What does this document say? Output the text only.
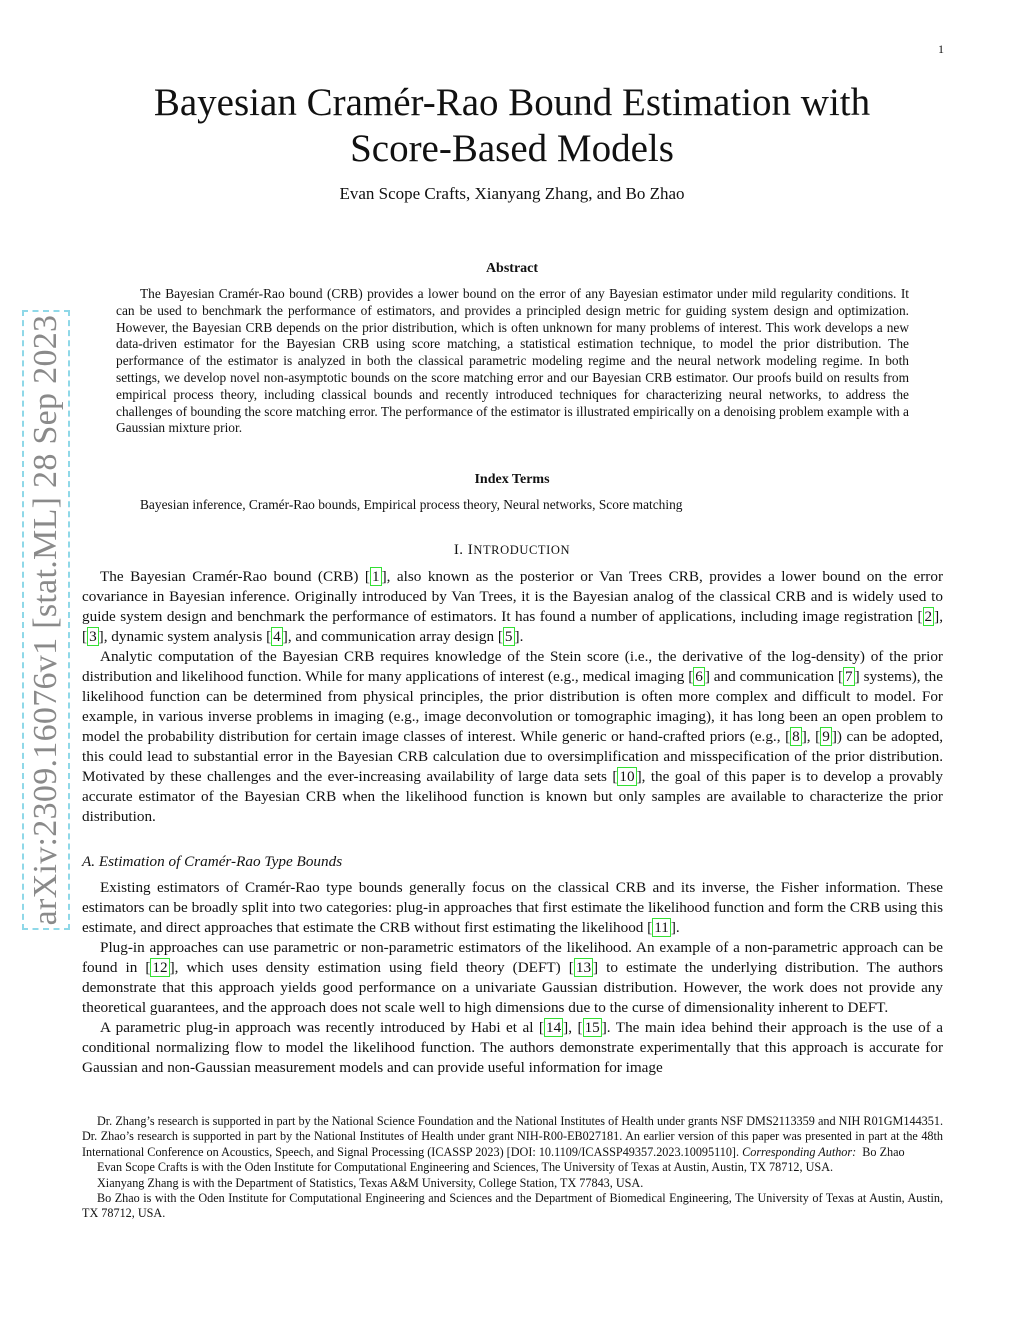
1
arXiv:2309.16076v1 [stat.ML] 28 Sep 2023
Bayesian Cramér-Rao Bound Estimation with
Score-Based Models
Evan Scope Crafts, Xianyang Zhang, and Bo Zhao
Abstract
The Bayesian Cramér-Rao bound (CRB) provides a lower bound on the error of any Bayesian estimator under mild regularity conditions. It can be used to benchmark the performance of estimators, and provides a principled design metric for guiding system design and optimization. However, the Bayesian CRB depends on the prior distribution, which is often unknown for many problems of interest. This work develops a new data-driven estimator for the Bayesian CRB using score matching, a statistical estimation technique, to model the prior distribution. The performance of the estimator is analyzed in both the classical parametric modeling regime and the neural network modeling regime. In both settings, we develop novel non-asymptotic bounds on the score matching error and our Bayesian CRB estimator. Our proofs build on results from empirical process theory, including classical bounds and recently introduced techniques for characterizing neural networks, to address the challenges of bounding the score matching error. The performance of the estimator is illustrated empirically on a denoising problem example with a Gaussian mixture prior.
Index Terms
Bayesian inference, Cramér-Rao bounds, Empirical process theory, Neural networks, Score matching
I. INTRODUCTION

The Bayesian Cramér-Rao bound (CRB) [ 1 ], also known as the posterior or Van Trees CRB, provides a lower bound on the error covariance in Bayesian inference. Originally introduced by Van Trees, it is the Bayesian analog of the classical CRB and is widely used to guide system design and benchmark the performance of estimators. It has found a number of applications, including image registration [ 2 ], [ 3 ], dynamic system analysis [ 4 ], and communication array design [ 5 ].

Analytic computation of the Bayesian CRB requires knowledge of the Stein score (i.e., the derivative of the log-density) of the prior distribution and likelihood function. While for many applications of interest (e.g., medical imaging [ 6 ] and communication [ 7 ] systems), the likelihood function can be determined from physical principles, the prior distribution is often more complex and difficult to model. For example, in various inverse problems in imaging (e.g., image deconvolution or tomographic imaging), it has long been an open problem to model the probability distribution for certain image classes of interest. While generic or hand-crafted priors (e.g., [ 8 ], [ 9 ]) can be adopted, this could lead to substantial error in the Bayesian CRB calculation due to oversimplification and misspecification of the prior distribution. Motivated by these challenges and the ever-increasing availability of large data sets [ 10 ], the goal of this paper is to develop a provably accurate estimator of the Bayesian CRB when the likelihood function is known but only samples are available to characterize the prior distribution.

A. Estimation of Cramér-Rao Type Bounds

Existing estimators of Cramér-Rao type bounds generally focus on the classical CRB and its inverse, the Fisher information. These estimators can be broadly split into two categories: plug-in approaches that first estimate the likelihood function and form the CRB using this estimate, and direct approaches that estimate the CRB without first estimating the likelihood [ 11 ].

Plug-in approaches can use parametric or non-parametric estimators of the likelihood. An example of a non-parametric approach can be found in [ 12 ], which uses density estimation using field theory (DEFT) [ 13 ] to estimate the underlying distribution. The authors demonstrate that this approach yields good performance on a univariate Gaussian distribution. However, the work does not provide any theoretical guarantees, and the approach does not scale well to high dimensions due to the curse of dimensionality inherent to DEFT.

A parametric plug-in approach was recently introduced by Habi et al [ 14 ], [ 15 ]. The main idea behind their approach is the use of a conditional normalizing flow to model the likelihood function. The authors demonstrate experimentally that this approach is accurate for Gaussian and non-Gaussian measurement models and can provide useful information for image

Dr. Zhang’s research is supported in part by the National Science Foundation and the National Institutes of Health under grants NSF DMS2113359 and NIH R01GM144351. Dr. Zhao’s research is supported in part by the National Institutes of Health under grant NIH-R00-EB027181. An earlier version of this paper was presented in part at the 48th International Conference on Acoustics, Speech, and Signal Processing (ICASSP 2023) [DOI: 10.1109/ICASSP49357.2023.10095110]. Corresponding Author: Bo Zhao

Evan Scope Crafts is with the Oden Institute for Computational Engineering and Sciences, The University of Texas at Austin, Austin, TX 78712, USA.

Xianyang Zhang is with the Department of Statistics, Texas A&M University, College Station, TX 77843, USA.

Bo Zhao is with the Oden Institute for Computational Engineering and Sciences and the Department of Biomedical Engineering, The University of Texas at Austin, Austin, TX 78712, USA.
